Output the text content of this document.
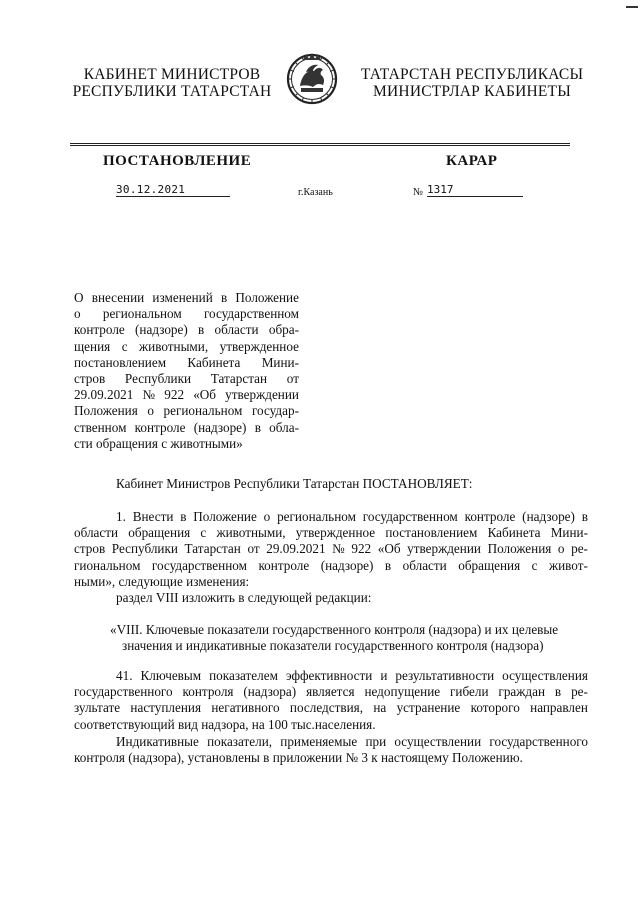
КАБИНЕТ МИНИСТРОВ
РЕСПУБЛИКИ ТАТАРСТАН
ТАТАРСТАН РЕСПУБЛИКАСЫ
МИНИСТРЛАР КАБИНЕТЫ
ПОСТАНОВЛЕНИЕ	КАРАР
30.12.2021	г.Казань	№ 1317
О внесении изменений в Положение
о региональном государственном
контроле (надзоре) в области обра-
щения с животными, утвержденное
постановлением Кабинета Мини-
стров Республики Татарстан от
29.09.2021 № 922 «Об утверждении
Положения о региональном государ-
ственном контроле (надзоре) в обла-
сти обращения с животными»
Кабинет Министров Республики Татарстан ПОСТАНОВЛЯЕТ:
1. Внести в Положение о региональном государственном контроле (надзоре) в
области обращения с животными, утвержденное постановлением Кабинета Мини-
стров Республики Татарстан от 29.09.2021 № 922 «Об утверждении Положения о ре-
гиональном государственном контроле (надзоре) в области обращения с живот-
ными», следующие изменения:
раздел VIII изложить в следующей редакции:
«VIII. Ключевые показатели государственного контроля (надзора) и их целевые
значения и индикативные показатели государственного контроля (надзора)
41. Ключевым показателем эффективности и результативности осуществления
государственного контроля (надзора) является недопущение гибели граждан в ре-
зультате наступления негативного последствия, на устранение которого направлен
соответствующий вид надзора, на 100 тыс.населения.
Индикативные показатели, применяемые при осуществлении государственного
контроля (надзора), установлены в приложении № 3 к настоящему Положению.
